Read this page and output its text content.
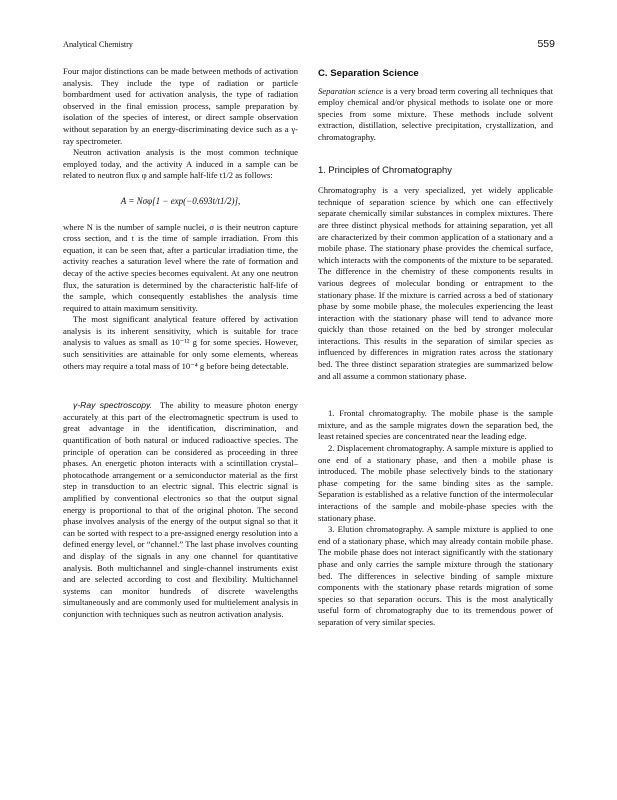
Analytical Chemistry	559

Four major distinctions can be made between methods of activation analysis. They include the type of radiation or particle bombardment used for activation analysis, the type of radiation observed in the final emission process, sample preparation by isolation of the species of interest, or direct sample observation without separation by an energy-discriminating device such as a γ-ray spectrometer.

Neutron activation analysis is the most common technique employed today, and the activity A induced in a sample can be related to neutron flux φ and sample half-life t1/2 as follows:

A = Nσφ[1 − exp(−0.693t/t1/2)],

where N is the number of sample nuclei, σ is their neutron capture cross section, and t is the time of sample irradiation. From this equation, it can be seen that, after a particular irradiation time, the activity reaches a saturation level where the rate of formation and decay of the active species becomes equivalent. At any one neutron flux, the saturation is determined by the characteristic half-life of the sample, which consequently establishes the analysis time required to attain maximum sensitivity.

The most significant analytical feature offered by activation analysis is its inherent sensitivity, which is suitable for trace analysis to values as small as 10⁻¹² g for some species. However, such sensitivities are attainable for only some elements, whereas others may require a total mass of 10⁻⁴ g before being detectable.

γ-Ray spectroscopy. The ability to measure photon energy accurately at this part of the electromagnetic spectrum is used to great advantage in the identification, discrimination, and quantification of both natural or induced radioactive species. The principle of operation can be considered as proceeding in three phases. An energetic photon interacts with a scintillation crystal–photocathode arrangement or a semiconductor material as the first step in transduction to an electric signal. This electric signal is amplified by conventional electronics so that the output signal energy is proportional to that of the original photon. The second phase involves analysis of the energy of the output signal so that it can be sorted with respect to a pre-assigned energy resolution into a defined energy level, or “channel.” The last phase involves counting and display of the signals in any one channel for quantitative analysis. Both multichannel and single-channel instruments exist and are selected according to cost and flexibility. Multichannel systems can monitor hundreds of discrete wavelengths simultaneously and are commonly used for multielement analysis in conjunction with techniques such as neutron activation analysis.

C. Separation Science

Separation science is a very broad term covering all techniques that employ chemical and/or physical methods to isolate one or more species from some mixture. These methods include solvent extraction, distillation, selective precipitation, crystallization, and chromatography.

1. Principles of Chromatography

Chromatography is a very specialized, yet widely applicable technique of separation science by which one can effectively separate chemically similar substances in complex mixtures. There are three distinct physical methods for attaining separation, yet all are characterized by their common application of a stationary and a mobile phase. The stationary phase provides the chemical surface, which interacts with the components of the mixture to be separated. The difference in the chemistry of these components results in various degrees of molecular bonding or entrapment to the stationary phase. If the mixture is carried across a bed of stationary phase by some mobile phase, the molecules experiencing the least interaction with the stationary phase will tend to advance more quickly than those retained on the bed by stronger molecular interactions. This results in the separation of similar species as influenced by differences in migration rates across the stationary bed. The three distinct separation strategies are summarized below and all assume a common stationary phase.

1. Frontal chromatography. The mobile phase is the sample mixture, and as the sample migrates down the separation bed, the least retained species are concentrated near the leading edge.

2. Displacement chromatography. A sample mixture is applied to one end of a stationary phase, and then a mobile phase is introduced. The mobile phase selectively binds to the stationary phase competing for the same binding sites as the sample. Separation is established as a relative function of the intermolecular interactions of the sample and mobile-phase species with the stationary phase.

3. Elution chromatography. A sample mixture is applied to one end of a stationary phase, which may already contain mobile phase. The mobile phase does not interact significantly with the stationary phase and only carries the sample mixture through the stationary bed. The differences in selective binding of sample mixture components with the stationary phase retards migration of some species so that separation occurs. This is the most analytically useful form of chromatography due to its tremendous power of separation of very similar species.
